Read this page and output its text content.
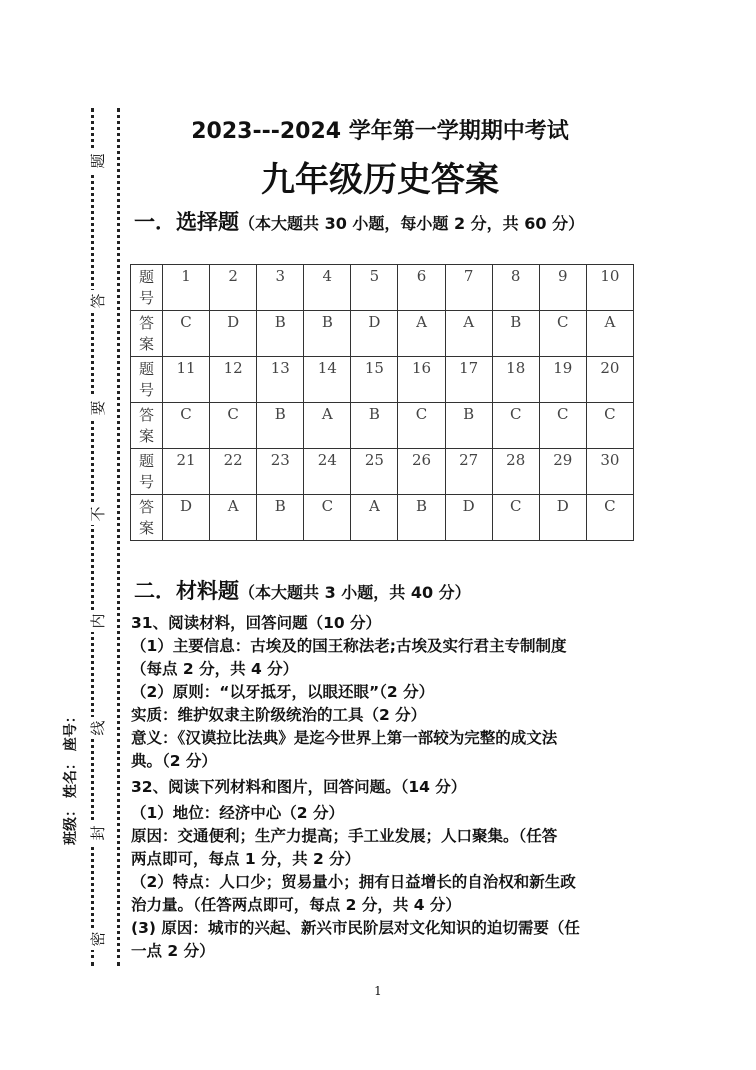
题
答
要
不
内
线
封
密
班级： 姓名： 座号：
2023---2024 学年第一学期期中考试
九年级历史答案
一．选择题（本大题共 30 小题，每小题 2 分，共 60 分）
题
号	1	2	3	4	5	6	7	8	9	10

答
案	C	D	B	B	D	A	A	B	C	A

题
号	11	12	13	14	15	16	17	18	19	20

答
案	C	C	B	A	B	C	B	C	C	C

题
号	21	22	23	24	25	26	27	28	29	30

答
案	D	A	B	C	A	B	D	C	D	C
二．材料题（本大题共 3 小题，共 40 分）

31、阅读材料，回答问题（10 分）

（1）主要信息：古埃及的国王称法老;古埃及实行君主专制制度

（每点 2 分，共 4 分）

（2）原则：“以牙抵牙，以眼还眼”（2 分）

实质：维护奴隶主阶级统治的工具（2 分）

意义：《汉谟拉比法典》是迄今世界上第一部较为完整的成文法

典。（2 分）

32、阅读下列材料和图片，回答问题。（14 分）

（1）地位：经济中心（2 分）

原因：交通便利；生产力提高；手工业发展；人口聚集。（任答

两点即可，每点 1 分，共 2 分）

（2）特点：人口少；贸易量小；拥有日益增长的自治权和新生政

治力量。（任答两点即可，每点 2 分，共 4 分）

(3) 原因：城市的兴起、新兴市民阶层对文化知识的迫切需要（任

一点 2 分）

1
